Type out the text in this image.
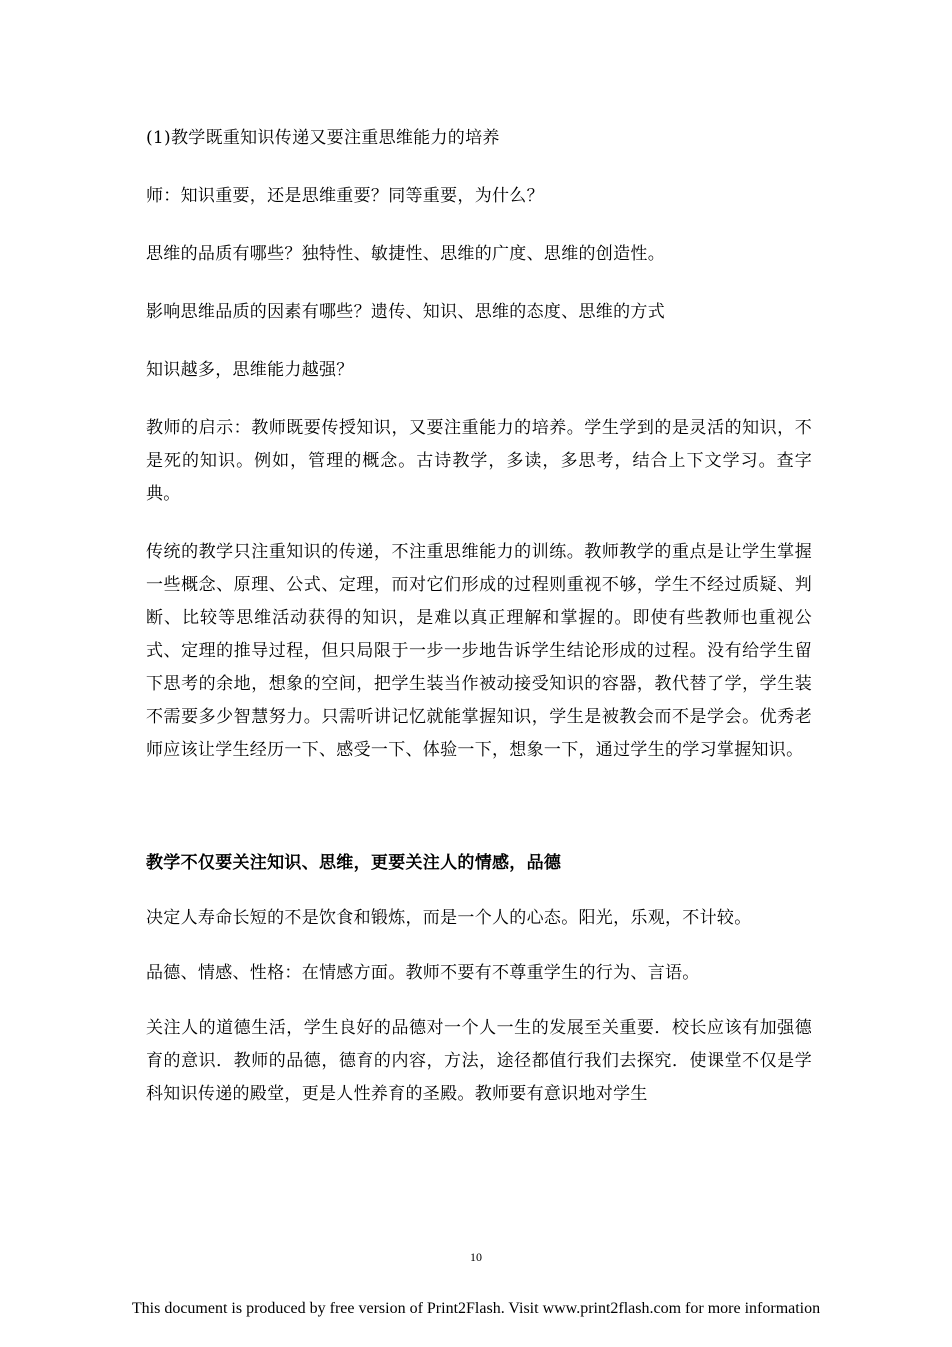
(1)教学既重知识传递又要注重思维能力的培养

师：知识重要，还是思维重要？同等重要，为什么？

思维的品质有哪些？独特性、敏捷性、思维的广度、思维的创造性。

影响思维品质的因素有哪些？遗传、知识、思维的态度、思维的方式

知识越多，思维能力越强？

教师的启示：教师既要传授知识，又要注重能力的培养。学生学到的是灵活的知识，不是死的知识。例如，管理的概念。古诗教学，多读，多思考，结合上下文学习。查字典。

传统的教学只注重知识的传递，不注重思维能力的训练。教师教学的重点是让学生掌握一些概念、原理、公式、定理，而对它们形成的过程则重视不够，学生不经过质疑、判断、比较等思维活动获得的知识，是难以真正理解和掌握的。即使有些教师也重视公式、定理的推导过程，但只局限于一步一步地告诉学生结论形成的过程。没有给学生留下思考的余地，想象的空间，把学生装当作被动接受知识的容器，教代替了学，学生装不需要多少智慧努力。只需听讲记忆就能掌握知识，学生是被教会而不是学会。优秀老师应该让学生经历一下、感受一下、体验一下，想象一下，通过学生的学习掌握知识。

教学不仅要关注知识、思维，更要关注人的情感，品德

决定人寿命长短的不是饮食和锻炼，而是一个人的心态。阳光，乐观，不计较。

品德、情感、性格：在情感方面。教师不要有不尊重学生的行为、言语。

关注人的道德生活，学生良好的品德对一个人一生的发展至关重要．校长应该有加强德育的意识．教师的品德，德育的内容，方法，途径都值行我们去探究．使课堂不仅是学科知识传递的殿堂，更是人性养育的圣殿。教师要有意识地对学生

10
This document is produced by free version of Print2Flash. Visit www.print2flash.com for more information
